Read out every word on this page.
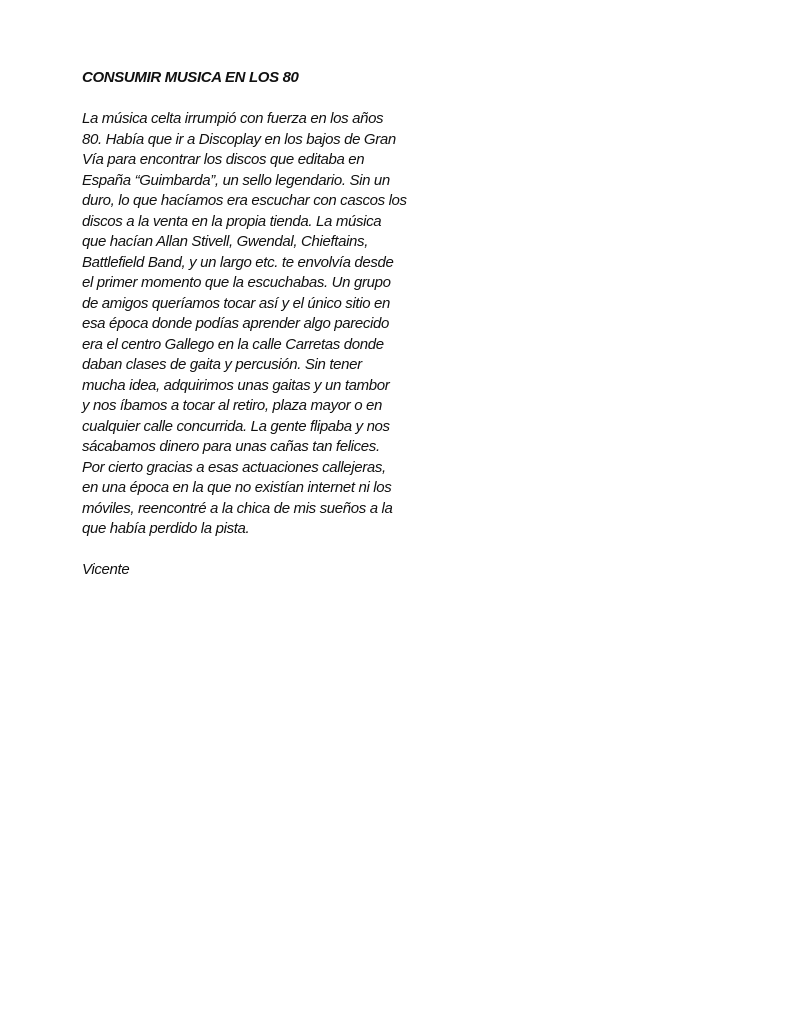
CONSUMIR MUSICA EN LOS 80
La música celta irrumpió con fuerza en los años
80. Había que ir a Discoplay en los bajos de Gran
Vía para encontrar los discos que editaba en
España “Guimbarda”, un sello legendario. Sin un
duro, lo que hacíamos era escuchar con cascos los
discos a la venta en la propia tienda. La música
que hacían Allan Stivell, Gwendal, Chieftains,
Battlefield Band, y un largo etc. te envolvía desde
el primer momento que la escuchabas. Un grupo
de amigos queríamos tocar así y el único sitio en
esa época donde podías aprender algo parecido
era el centro Gallego en la calle Carretas donde
daban clases de gaita y percusión. Sin tener
mucha idea, adquirimos unas gaitas y un tambor
y nos íbamos a tocar al retiro, plaza mayor o en
cualquier calle concurrida. La gente flipaba y nos
sácabamos dinero para unas cañas tan felices.
Por cierto gracias a esas actuaciones callejeras,
en una época en la que no existían internet ni los
móviles, reencontré a la chica de mis sueños a la
que había perdido la pista.
Vicente
